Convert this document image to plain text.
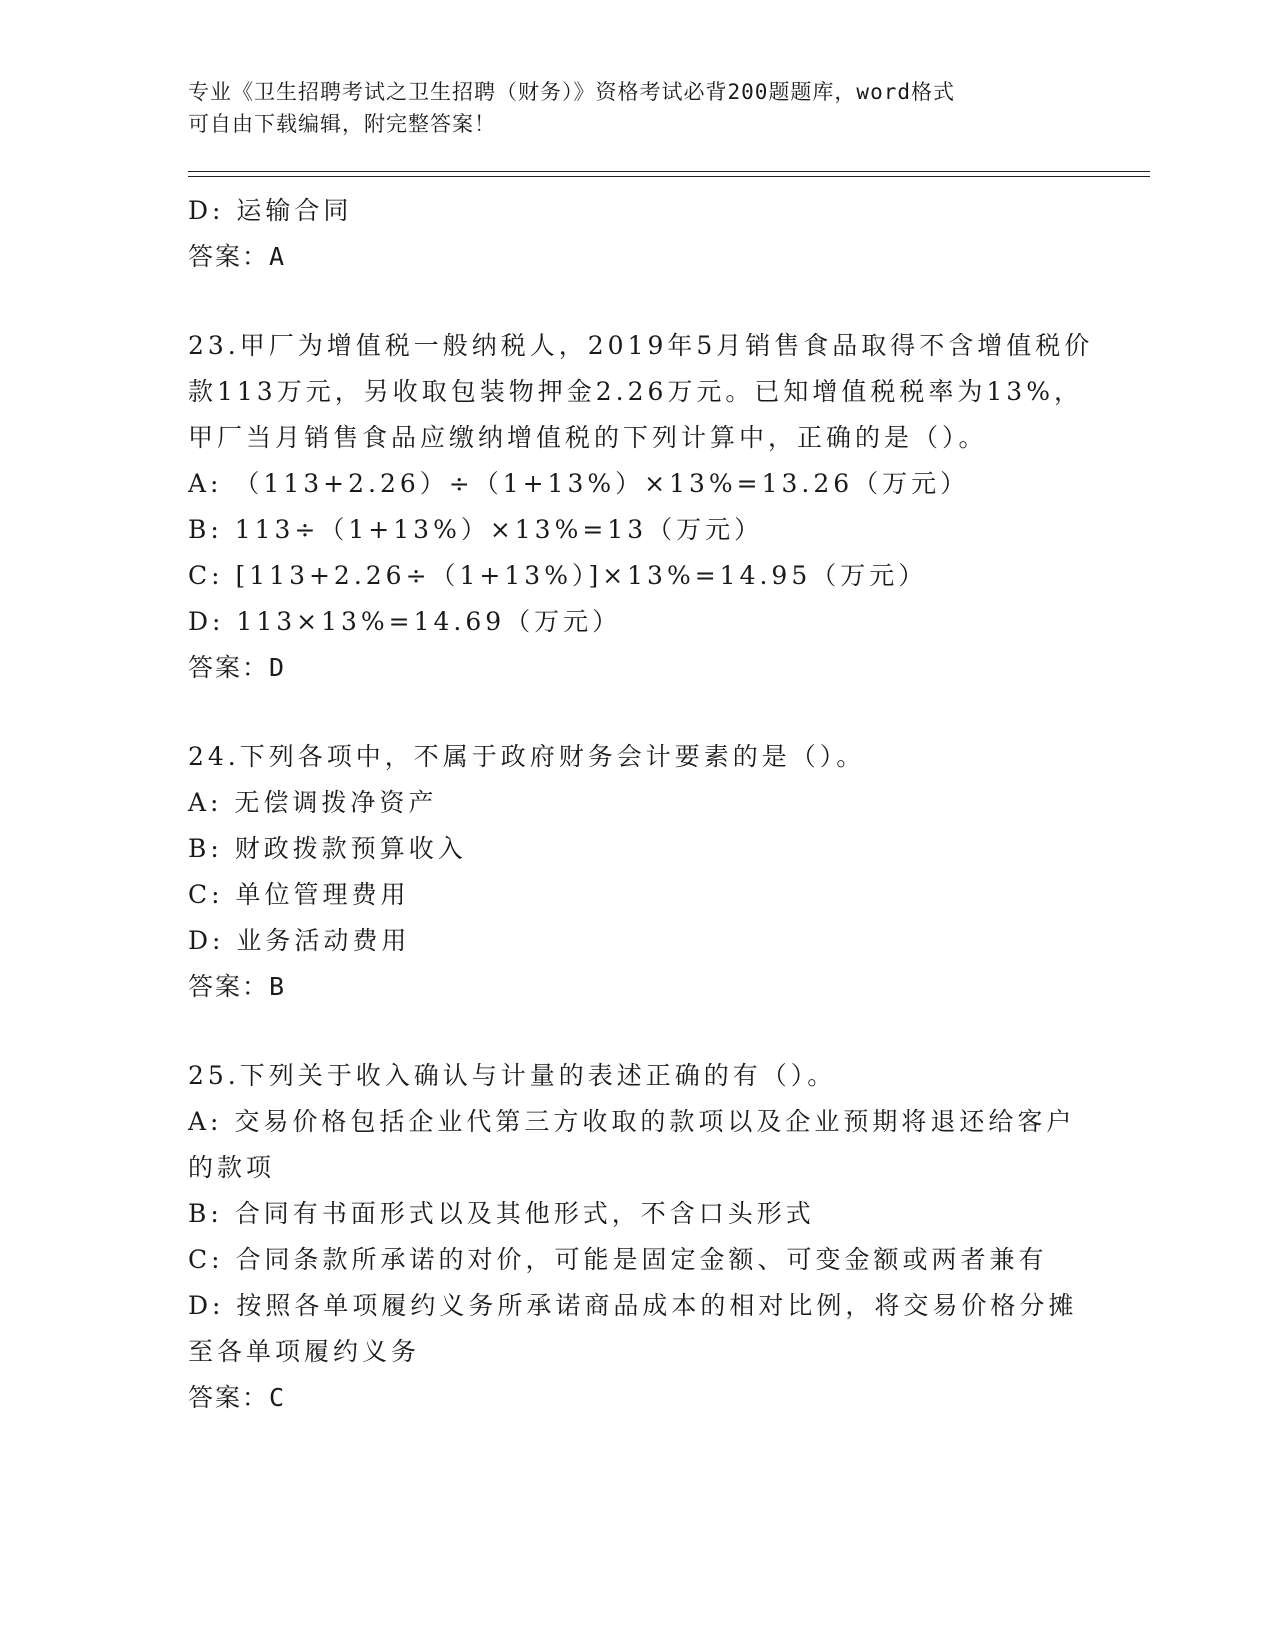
专业《卫生招聘考试之卫生招聘（财务）》资格考试必背200题题库，word格式
可自由下载编辑，附完整答案！
D: 运输合同
答案：A
23.甲厂为增值税一般纳税人，2019年5月销售食品取得不含增值税价
款113万元，另收取包装物押金2.26万元。已知增值税税率为13%，
甲厂当月销售食品应缴纳增值税的下列计算中，正确的是（）。
A: （113+2.26）÷（1+13%）×13%=13.26（万元）
B: 113÷（1+13%）×13%=13（万元）
C: [113+2.26÷（1+13%）]×13%=14.95（万元）
D: 113×13%=14.69（万元）
答案：D
24.下列各项中，不属于政府财务会计要素的是（）。
A: 无偿调拨净资产
B: 财政拨款预算收入
C: 单位管理费用
D: 业务活动费用
答案：B
25.下列关于收入确认与计量的表述正确的有（）。
A: 交易价格包括企业代第三方收取的款项以及企业预期将退还给客户
的款项
B: 合同有书面形式以及其他形式，不含口头形式
C: 合同条款所承诺的对价，可能是固定金额、可变金额或两者兼有
D: 按照各单项履约义务所承诺商品成本的相对比例，将交易价格分摊
至各单项履约义务
答案：C
